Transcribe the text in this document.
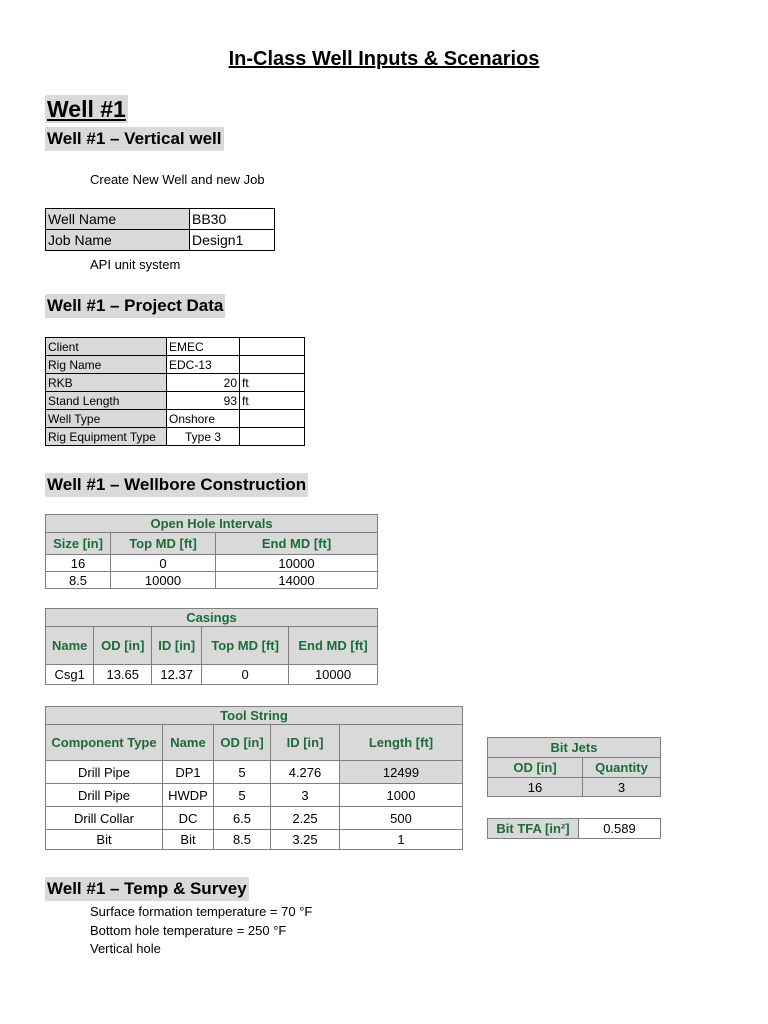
In-Class Well Inputs & Scenarios
Well #1
Well #1 – Vertical well
Create New Well and new Job
Well Name	BB30
Job Name	Design1
API unit system
Well #1 – Project Data
Client	EMEC	
Rig Name	EDC-13	
RKB	20	ft
Stand Length	93	ft
Well Type	Onshore	
Rig Equipment Type	Type 3	
Well #1 – Wellbore Construction
Open Hole Intervals		
Size [in]	Top MD [ft]	End MD [ft]
16	0	10000
8.5	10000	14000
Casings				
Name	OD [in]	ID [in]	Top MD [ft]	End MD [ft]
Csg1	13.65	12.37	0	10000
Tool String				
Component Type	Name	OD [in]	ID [in]	Length [ft]
Drill Pipe	DP1	5	4.276	12499
Drill Pipe	HWDP	5	3	1000
Drill Collar	DC	6.5	2.25	500
Bit	Bit	8.5	3.25	1
Bit Jets	
OD [in]	Quantity
16	3
Bit TFA [in²]	0.589
Well #1 – Temp & Survey
Surface formation temperature = 70 °F
Bottom hole temperature = 250 °F
Vertical hole
